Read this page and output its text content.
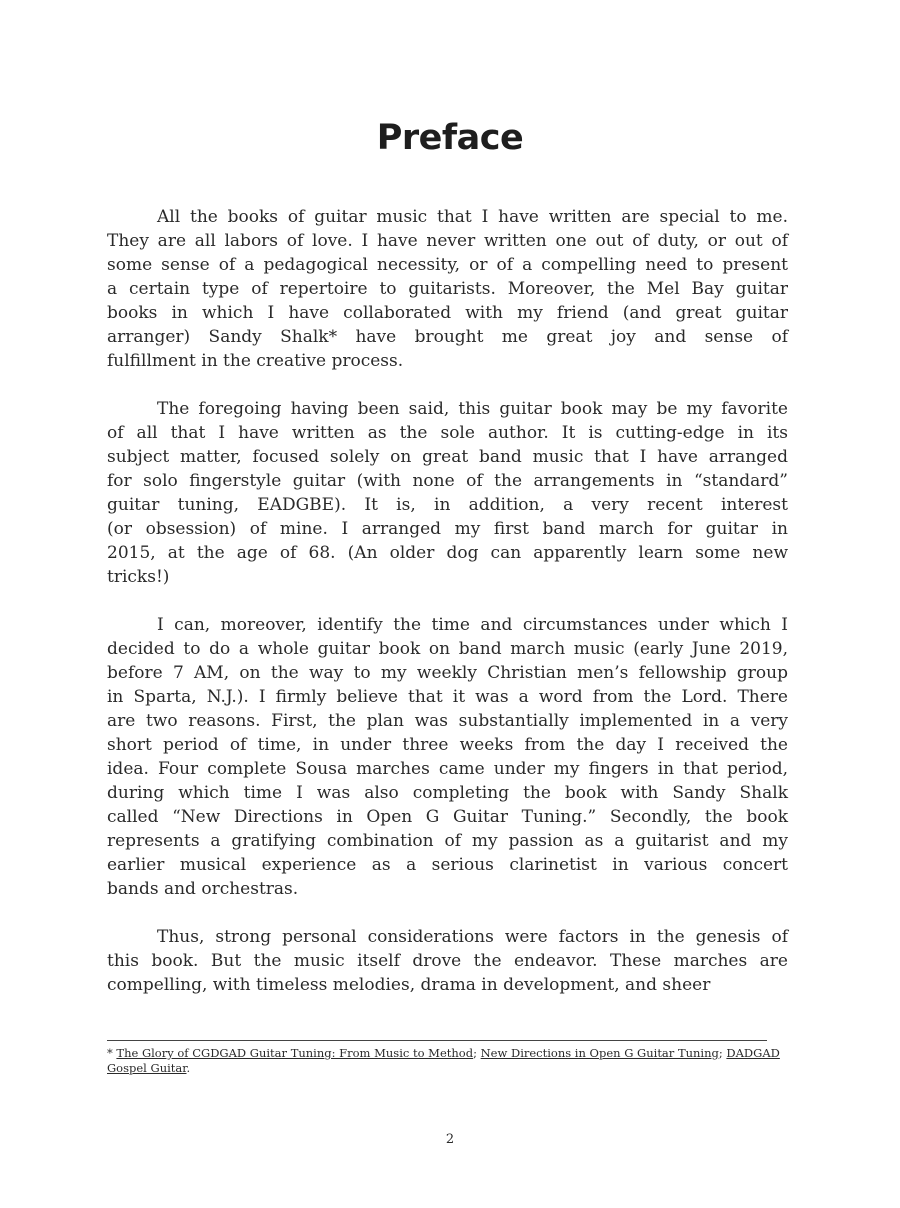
Preface

All the books of guitar music that I have written are special to me.
They are all labors of love. I have never written one out of duty, or out of
some sense of a pedagogical necessity, or of a compelling need to present
a certain type of repertoire to guitarists. Moreover, the Mel Bay guitar
books in which I have collaborated with my friend (and great guitar
arranger) Sandy Shalk* have brought me great joy and sense of
fulfillment in the creative process.

The foregoing having been said, this guitar book may be my favorite
of all that I have written as the sole author. It is cutting-edge in its
subject matter, focused solely on great band music that I have arranged
for solo fingerstyle guitar (with none of the arrangements in “standard”
guitar tuning, EADGBE). It is, in addition, a very recent interest
(or obsession) of mine. I arranged my first band march for guitar in
2015, at the age of 68. (An older dog can apparently learn some new
tricks!)

I can, moreover, identify the time and circumstances under which I
decided to do a whole guitar book on band march music (early June 2019,
before 7 AM, on the way to my weekly Christian men’s fellowship group
in Sparta, N.J.). I firmly believe that it was a word from the Lord. There
are two reasons. First, the plan was substantially implemented in a very
short period of time, in under three weeks from the day I received the
idea. Four complete Sousa marches came under my fingers in that period,
during which time I was also completing the book with Sandy Shalk
called “New Directions in Open G Guitar Tuning.” Secondly, the book
represents a gratifying combination of my passion as a guitarist and my
earlier musical experience as a serious clarinetist in various concert
bands and orchestras.

Thus, strong personal considerations were factors in the genesis of
this book. But the music itself drove the endeavor. These marches are
compelling, with timeless melodies, drama in development, and sheer

* The Glory of CGDGAD Guitar Tuning: From Music to Method; New Directions in Open G Guitar Tuning; DADGAD Gospel Guitar.
2
